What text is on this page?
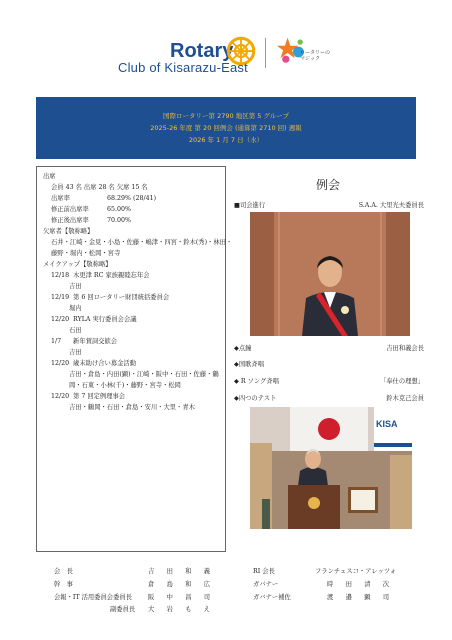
Rotary
Club of Kisarazu-East
ロータリーの
マジック
国際ロータリー第 2790 地区第 5 グループ
2025-26 年度 第 20 回例会 (通算第 2710 回) 週報
2026 年 1 月 7 日（水）
出席
会員 43 名 出席 28 名 欠席 15 名
出席率	68.29% (28/41)
修正前出席率	65.00%
修正後出席率	70.00%
欠席者【敬称略】
石井・江崎・金見・小島・佐藤・嶋津・四宮・鈴木(秀)・林田・
藤野・堀内・松岡・宮寺
メイクアップ【敬称略】
12/18 木更津 RC 家族親睦忘年会
吉田
12/19 第 6 回ロータリー財団統括委員会
堀内
12/20 RYLA 実行委員会会議
石田
1/7 新年賀詞交歓会
吉田
12/20 歳末助け合い募金活動
吉田・倉島・内田(顕)・江崎・阪中・石田・佐藤・鶴
岡・石東・小林(千)・藤野・宮寺・松岡
12/20 第 7 回定例理事会
吉田・鶴岡・石田・倉島・安川・大里・青木
例会
■司会進行	S.A.A. 大里光夫委員長
◆点鐘	吉田和義会長
◆国歌斉唱
◆ R ソング斉唱	「奉仕の理想」
◆四つのテスト	鈴木克己会員
KISA
会　長	吉　田　和　義
幹　事	倉　島　和　広
会報・IT 活用委員会委員長	阪　中　昌　司
副委員長 大　岩　も　え
RI 会長	フランチェスコ・アレッツォ
ガバナー	時　田　清　次
ガバナー補佐	渡　邉　顕　司
